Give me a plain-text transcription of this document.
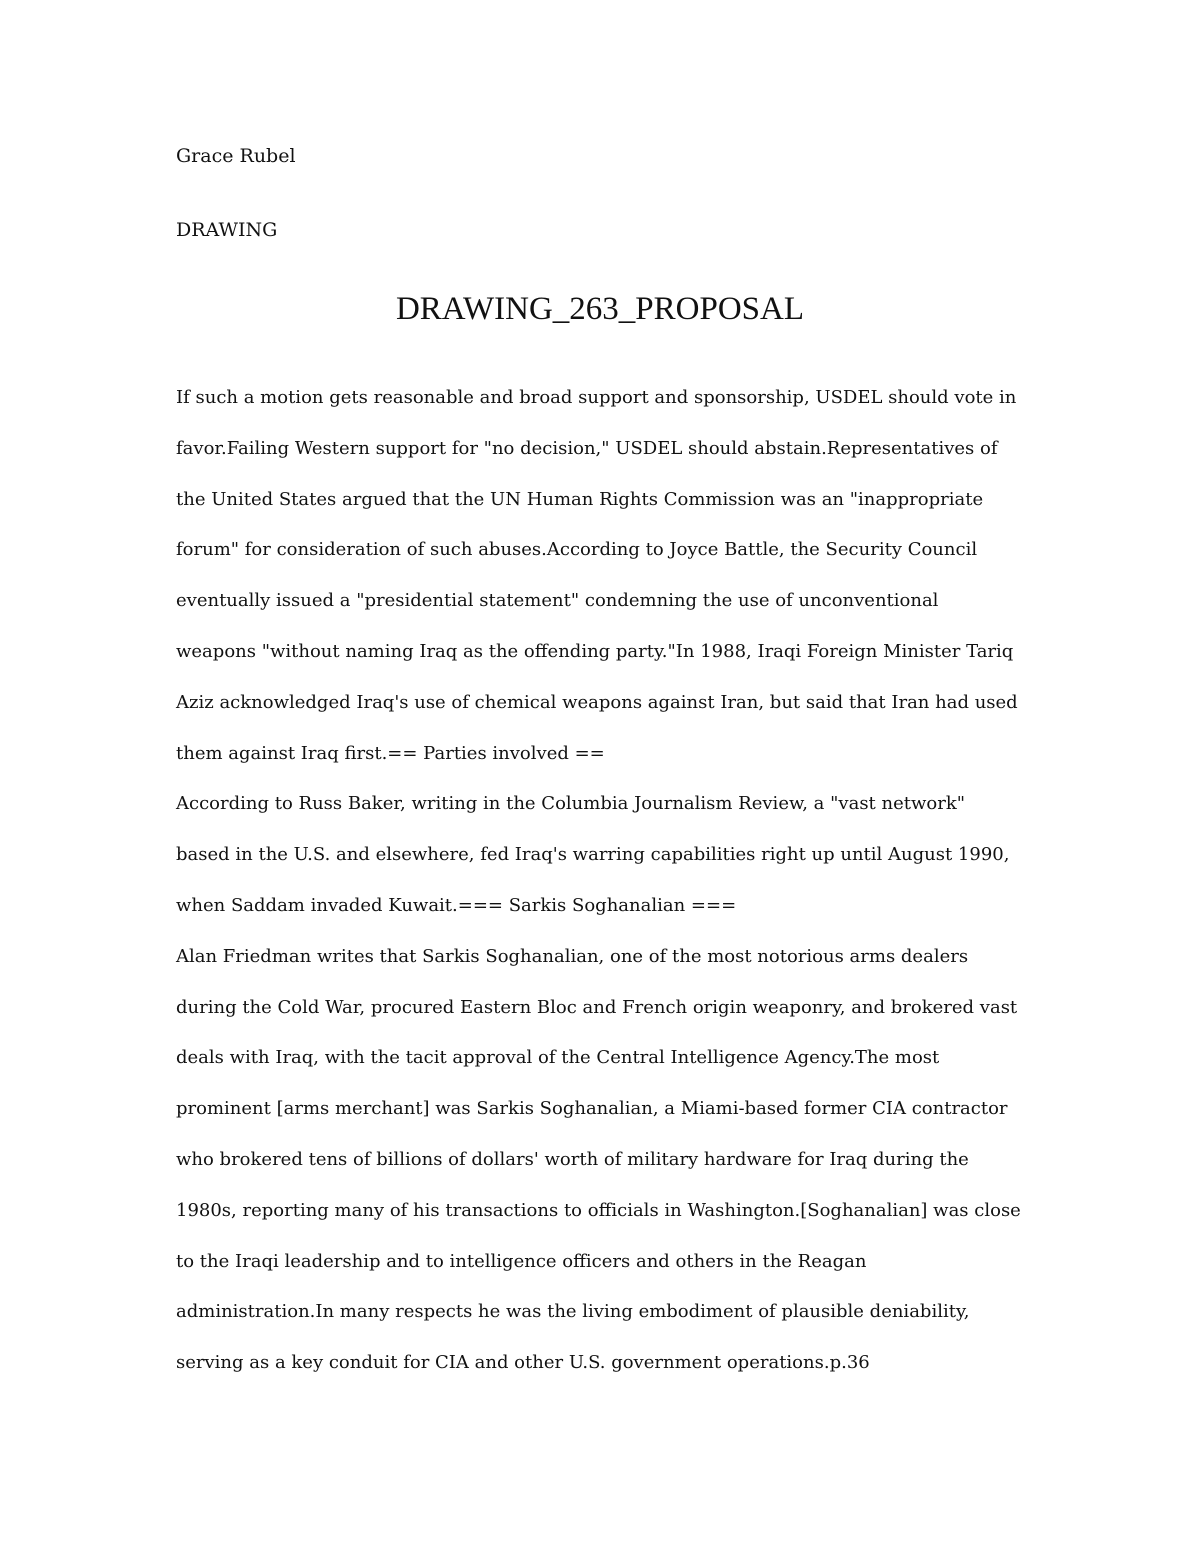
Grace Rubel
DRAWING
DRAWING_263_PROPOSAL
If such a motion gets reasonable and broad support and sponsorship, USDEL should vote in
favor.Failing Western support for "no decision," USDEL should abstain.Representatives of
the United States argued that the UN Human Rights Commission was an "inappropriate
forum" for consideration of such abuses.According to Joyce Battle, the Security Council
eventually issued a "presidential statement" condemning the use of unconventional
weapons "without naming Iraq as the offending party."In 1988, Iraqi Foreign Minister Tariq
Aziz acknowledged Iraq's use of chemical weapons against Iran, but said that Iran had used
them against Iraq first.== Parties involved ==
According to Russ Baker, writing in the Columbia Journalism Review, a "vast network"
based in the U.S. and elsewhere, fed Iraq's warring capabilities right up until August 1990,
when Saddam invaded Kuwait.=== Sarkis Soghanalian ===
Alan Friedman writes that Sarkis Soghanalian, one of the most notorious arms dealers
during the Cold War, procured Eastern Bloc and French origin weaponry, and brokered vast
deals with Iraq, with the tacit approval of the Central Intelligence Agency.The most
prominent [arms merchant] was Sarkis Soghanalian, a Miami-based former CIA contractor
who brokered tens of billions of dollars' worth of military hardware for Iraq during the
1980s, reporting many of his transactions to officials in Washington.[Soghanalian] was close
to the Iraqi leadership and to intelligence officers and others in the Reagan
administration.In many respects he was the living embodiment of plausible deniability,
serving as a key conduit for CIA and other U.S. government operations.p.36
